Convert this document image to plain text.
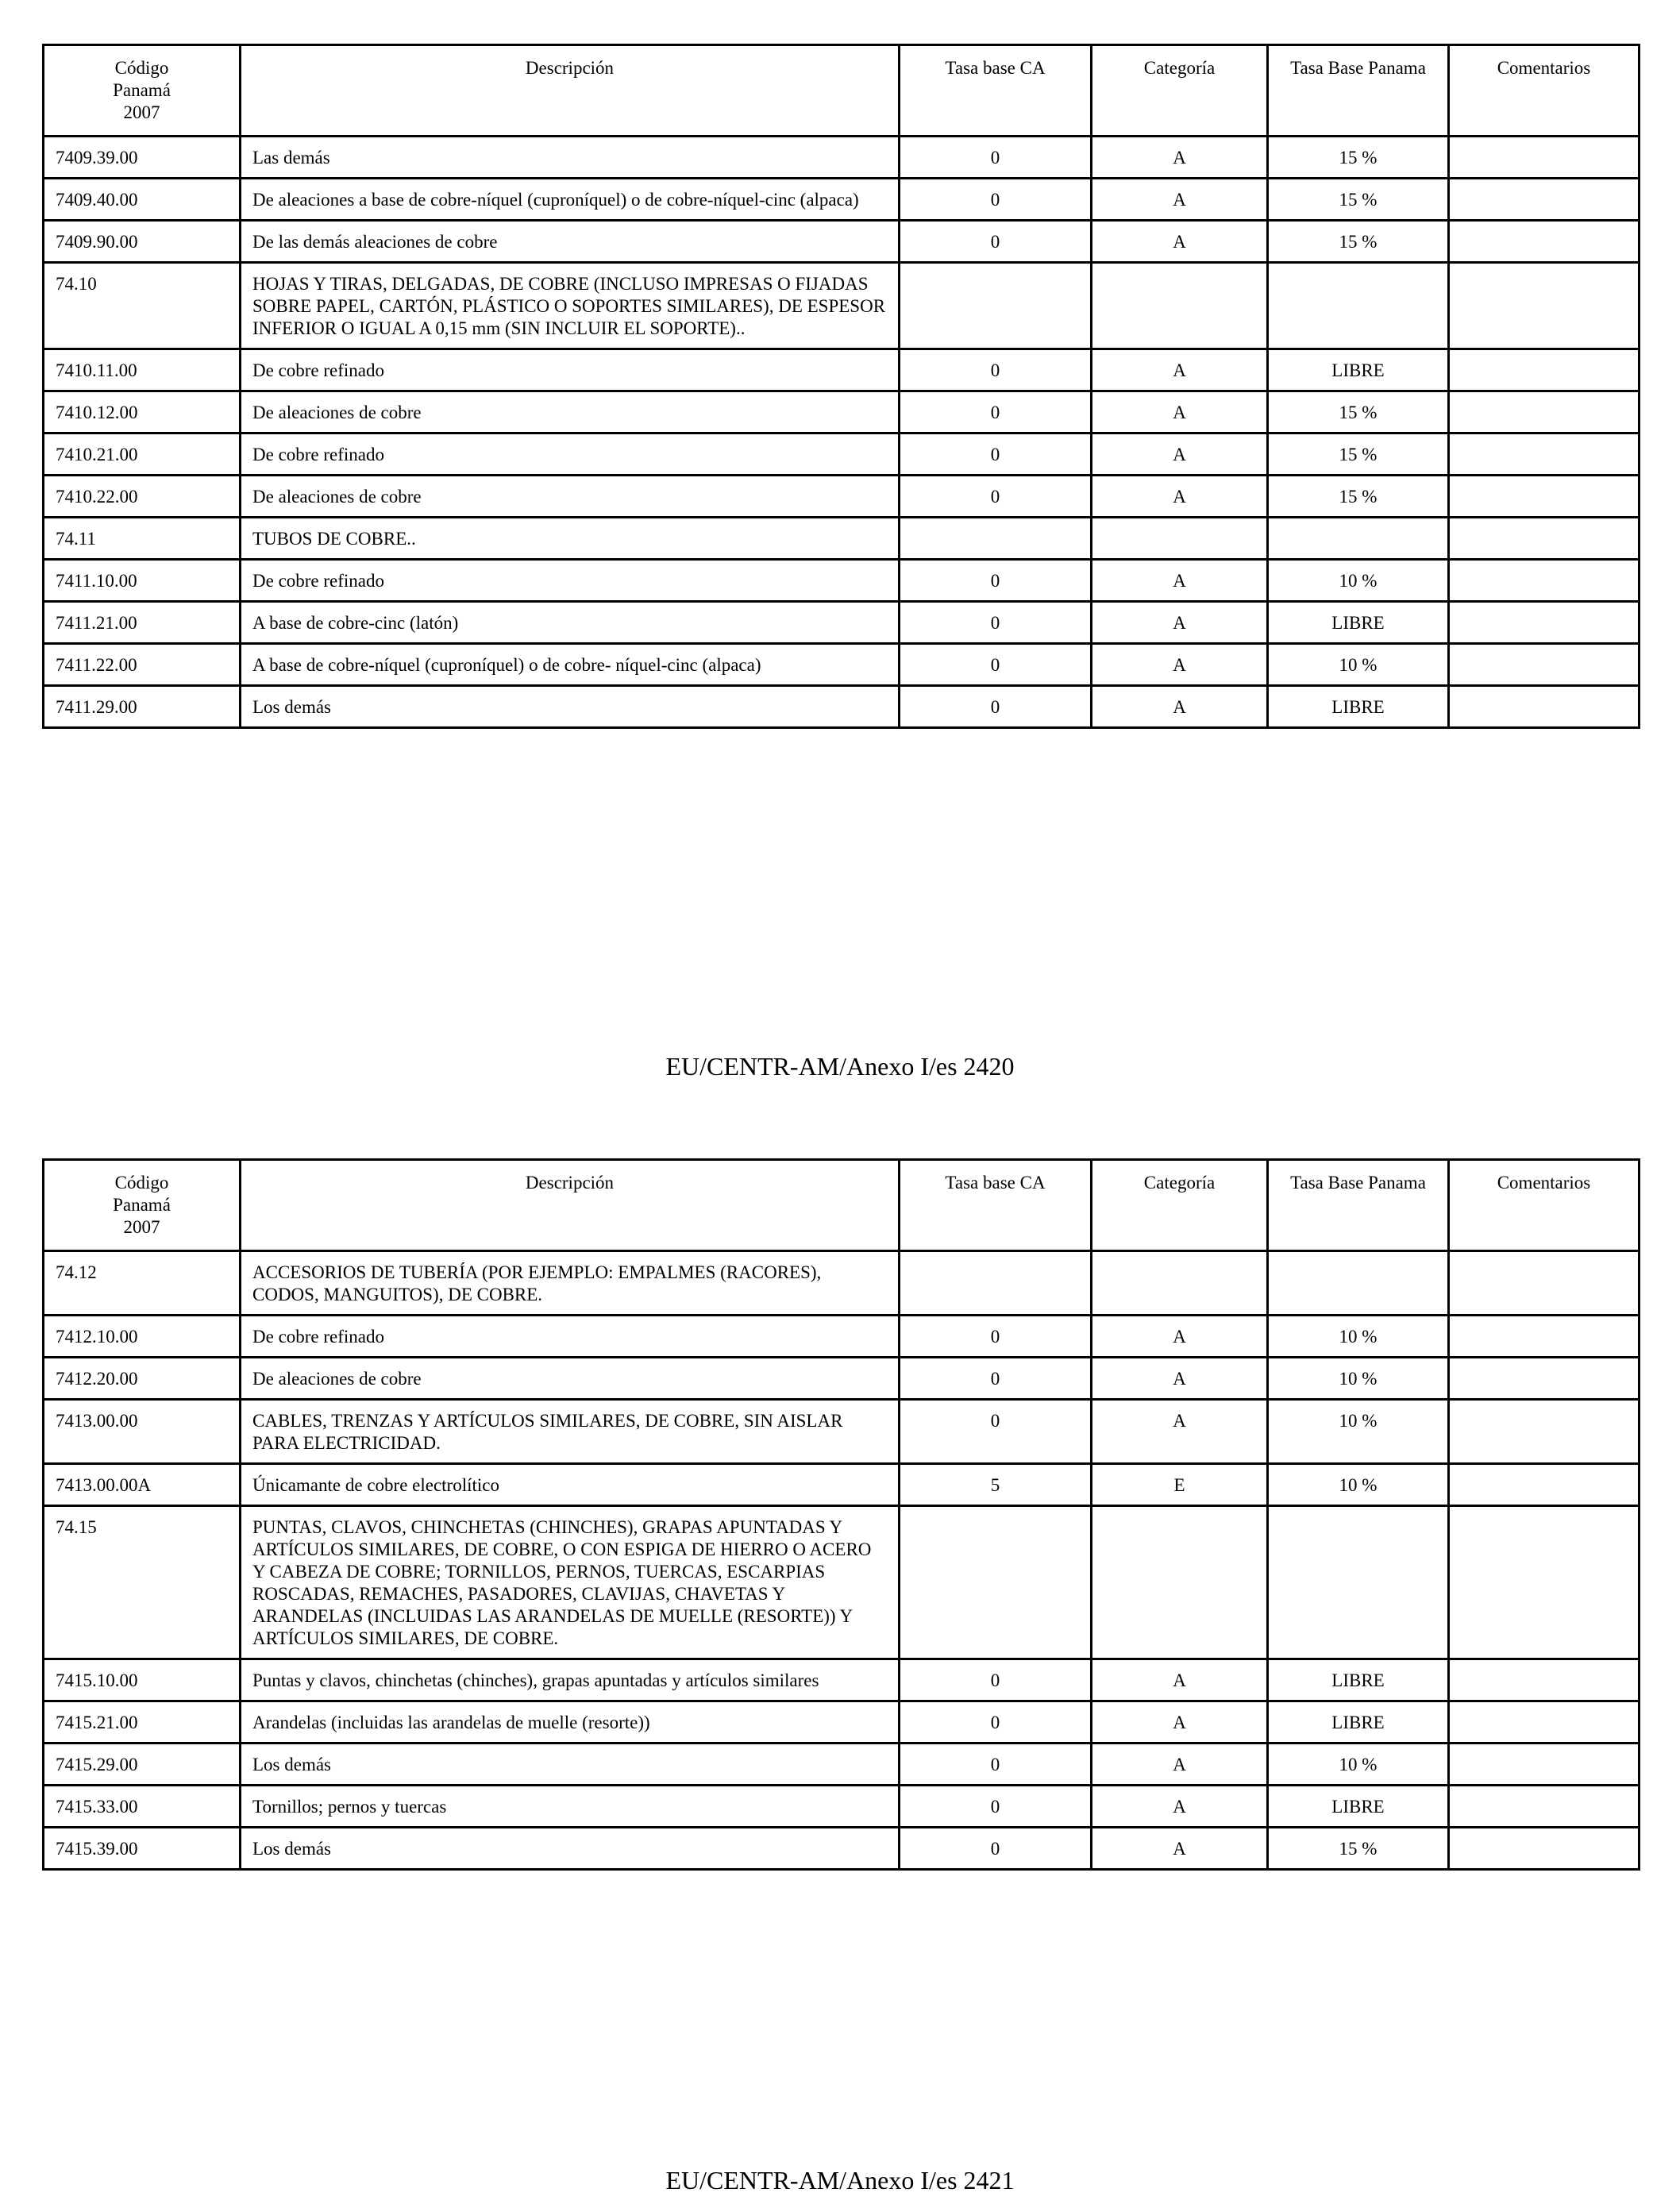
Código
Panamá
2007	Descripción	Tasa base CA	Categoría	Tasa Base Panama	Comentarios
7409.39.00	Las demás	0	A	15 %	
7409.40.00	De aleaciones a base de cobre-níquel (cuproníquel) o de cobre-níquel-cinc (alpaca)	0	A	15 %	
7409.90.00	De las demás aleaciones de cobre	0	A	15 %	
74.10	HOJAS Y TIRAS, DELGADAS, DE COBRE (INCLUSO IMPRESAS O FIJADAS SOBRE PAPEL, CARTÓN, PLÁSTICO O SOPORTES SIMILARES), DE ESPESOR INFERIOR O IGUAL A 0,15 mm (SIN INCLUIR EL SOPORTE)..				
7410.11.00	De cobre refinado	0	A	LIBRE	
7410.12.00	De aleaciones de cobre	0	A	15 %	
7410.21.00	De cobre refinado	0	A	15 %	
7410.22.00	De aleaciones de cobre	0	A	15 %	
74.11	TUBOS DE COBRE..				
7411.10.00	De cobre refinado	0	A	10 %	
7411.21.00	A base de cobre-cinc (latón)	0	A	LIBRE	
7411.22.00	A base de cobre-níquel (cuproníquel) o de cobre- níquel-cinc (alpaca)	0	A	10 %	
7411.29.00	Los demás	0	A	LIBRE	
EU/CENTR-AM/Anexo I/es 2420
Código
Panamá
2007	Descripción	Tasa base CA	Categoría	Tasa Base Panama	Comentarios
74.12	ACCESORIOS DE TUBERÍA (POR EJEMPLO: EMPALMES (RACORES), CODOS, MANGUITOS), DE COBRE.				
7412.10.00	De cobre refinado	0	A	10 %	
7412.20.00	De aleaciones de cobre	0	A	10 %	
7413.00.00	CABLES, TRENZAS Y ARTÍCULOS SIMILARES, DE COBRE, SIN AISLAR PARA ELECTRICIDAD.	0	A	10 %	
7413.00.00A	Únicamante de cobre electrolítico	5	E	10 %	
74.15	PUNTAS, CLAVOS, CHINCHETAS (CHINCHES), GRAPAS APUNTADAS Y ARTÍCULOS SIMILARES, DE COBRE, O CON ESPIGA DE HIERRO O ACERO Y CABEZA DE COBRE; TORNILLOS, PERNOS, TUERCAS, ESCARPIAS ROSCADAS, REMACHES, PASADORES, CLAVIJAS, CHAVETAS Y ARANDELAS (INCLUIDAS LAS ARANDELAS DE MUELLE (RESORTE)) Y ARTÍCULOS SIMILARES, DE COBRE.				
7415.10.00	Puntas y clavos, chinchetas (chinches), grapas apuntadas y artículos similares	0	A	LIBRE	
7415.21.00	Arandelas (incluidas las arandelas de muelle (resorte))	0	A	LIBRE	
7415.29.00	Los demás	0	A	10 %	
7415.33.00	Tornillos; pernos y tuercas	0	A	LIBRE	
7415.39.00	Los demás	0	A	15 %	
EU/CENTR-AM/Anexo I/es 2421
